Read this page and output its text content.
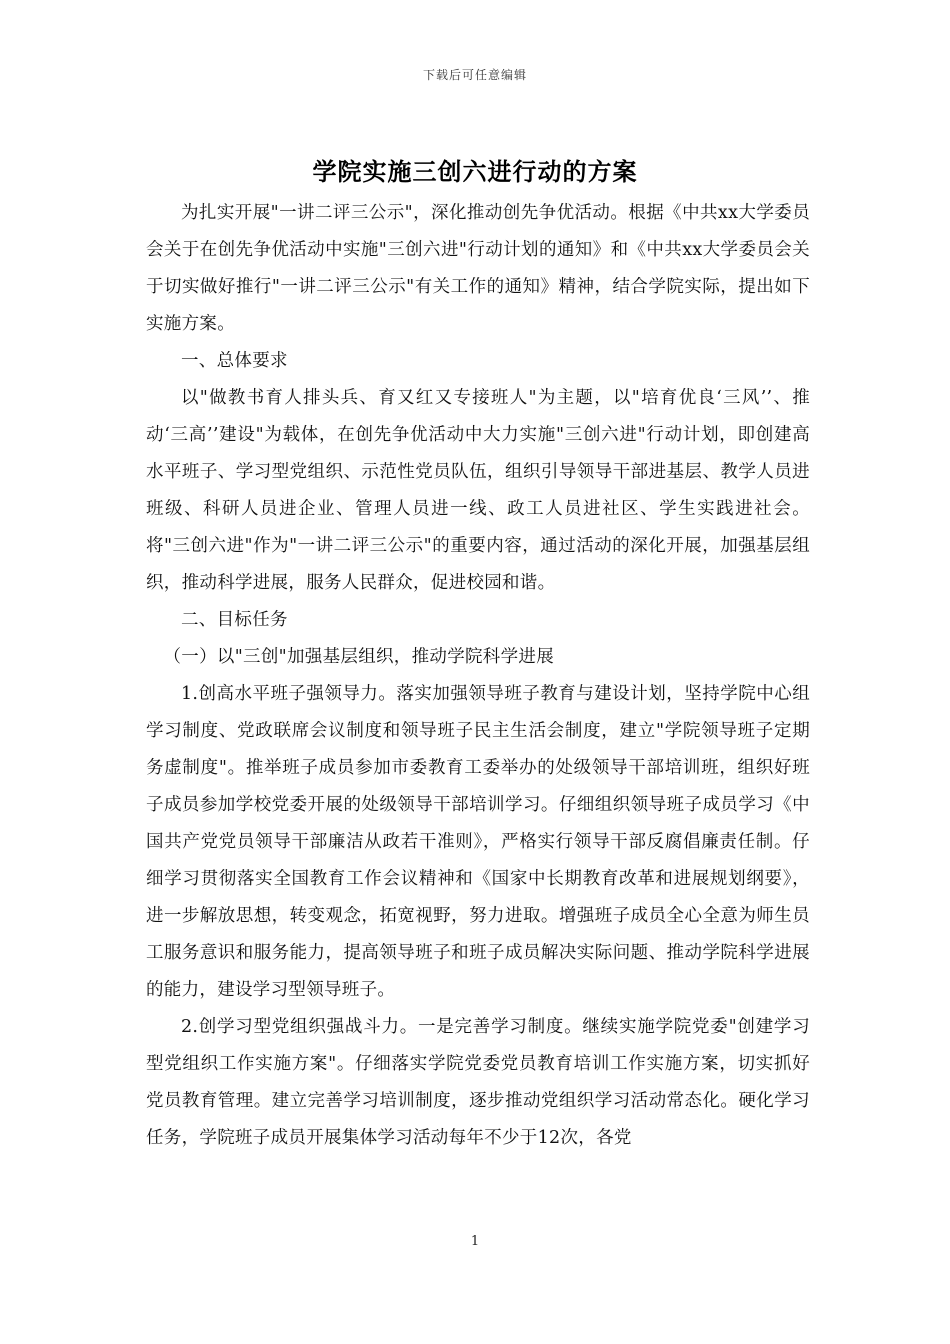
下载后可任意编辑
学院实施三创六进行动的方案

为扎实开展"一讲二评三公示"，深化推动创先争优活动。根据《中共xx大学委员会关于在创先争优活动中实施"三创六进"行动计划的通知》和《中共xx大学委员会关于切实做好推行"一讲二评三公示"有关工作的通知》精神，结合学院实际，提出如下实施方案。

一、总体要求

以"做教书育人排头兵、育又红又专接班人"为主题，以"培育优良‘三风’’、推动‘三高’’建设"为载体，在创先争优活动中大力实施"三创六进"行动计划，即创建高水平班子、学习型党组织、示范性党员队伍，组织引导领导干部进基层、教学人员进班级、科研人员进企业、管理人员进一线、政工人员进社区、学生实践进社会。将"三创六进"作为"一讲二评三公示"的重要内容，通过活动的深化开展，加强基层组织，推动科学进展，服务人民群众，促进校园和谐。

二、目标任务

（一）以"三创"加强基层组织，推动学院科学进展

1.创高水平班子强领导力。落实加强领导班子教育与建设计划，坚持学院中心组学习制度、党政联席会议制度和领导班子民主生活会制度，建立"学院领导班子定期务虚制度"。推举班子成员参加市委教育工委举办的处级领导干部培训班，组织好班子成员参加学校党委开展的处级领导干部培训学习。仔细组织领导班子成员学习《中国共产党党员领导干部廉洁从政若干准则》，严格实行领导干部反腐倡廉责任制。仔细学习贯彻落实全国教育工作会议精神和《国家中长期教育改革和进展规划纲要》，进一步解放思想，转变观念，拓宽视野，努力进取。增强班子成员全心全意为师生员工服务意识和服务能力，提高领导班子和班子成员解决实际问题、推动学院科学进展的能力，建设学习型领导班子。

2.创学习型党组织强战斗力。一是完善学习制度。继续实施学院党委"创建学习型党组织工作实施方案"。仔细落实学院党委党员教育培训工作实施方案，切实抓好党员教育管理。建立完善学习培训制度，逐步推动党组织学习活动常态化。硬化学习任务，学院班子成员开展集体学习活动每年不少于12次，各党

1
